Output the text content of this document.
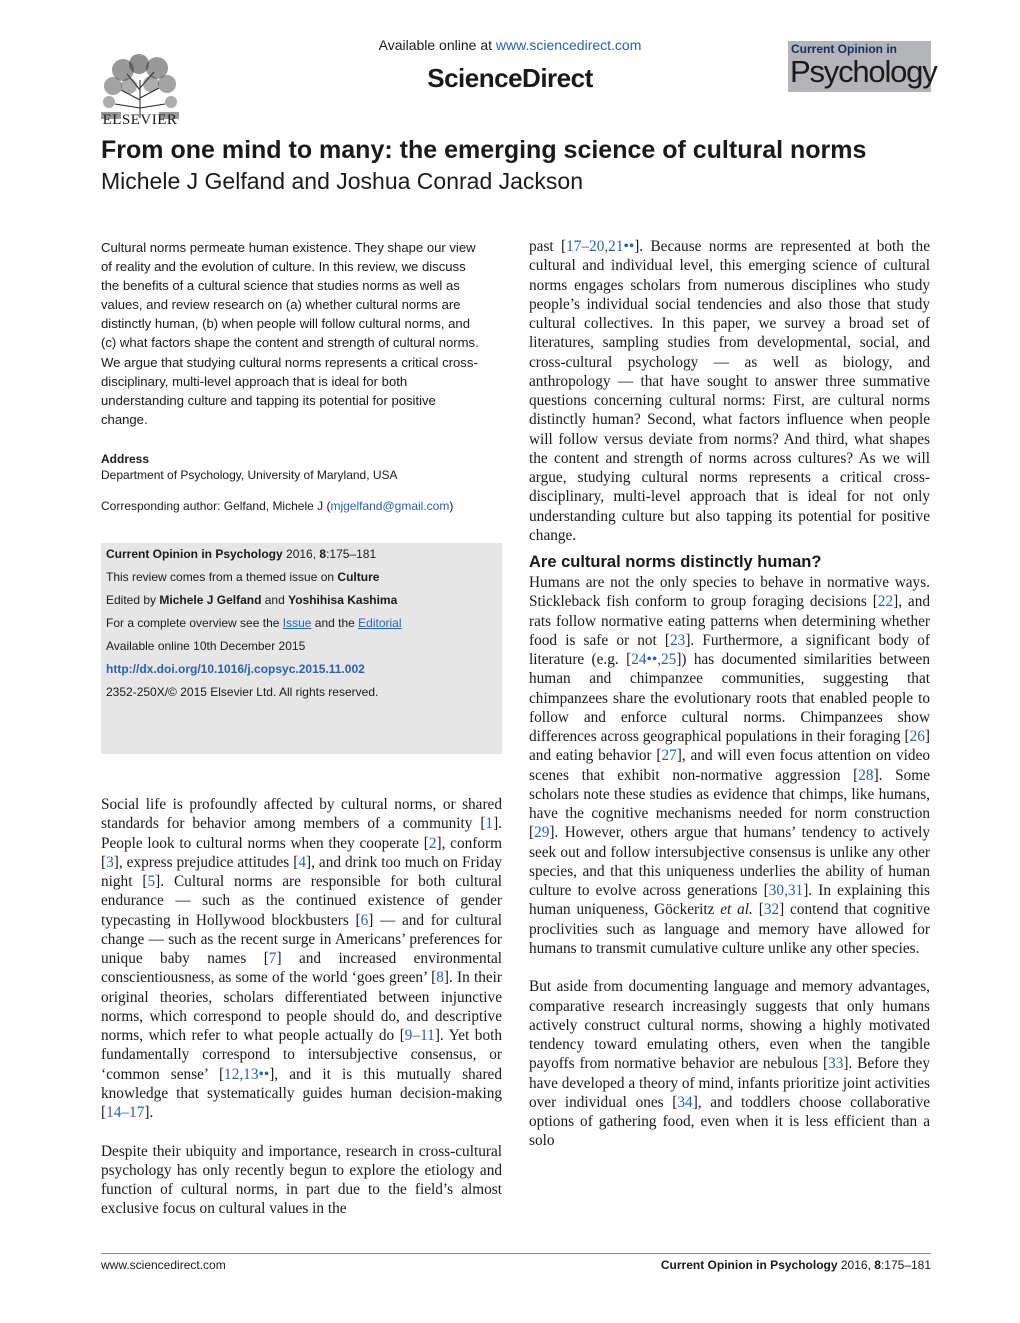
ELSEVIER
Available online at www.sciencedirect.com
ScienceDirect
Current Opinion in
Psychology
From one mind to many: the emerging science of cultural norms
Michele J Gelfand and Joshua Conrad Jackson
Cultural norms permeate human existence. They shape our view of reality and the evolution of culture. In this review, we discuss the benefits of a cultural science that studies norms as well as values, and review research on (a) whether cultural norms are distinctly human, (b) when people will follow cultural norms, and (c) what factors shape the content and strength of cultural norms. We argue that studying cultural norms represents a critical cross-disciplinary, multi-level approach that is ideal for both understanding culture and tapping its potential for positive change.
Address
Department of Psychology, University of Maryland, USA
Corresponding author: Gelfand, Michele J (mjgelfand@gmail.com)
Current Opinion in Psychology 2016, 8:175–181
This review comes from a themed issue on Culture
Edited by Michele J Gelfand and Yoshihisa Kashima
For a complete overview see the Issue and the Editorial
Available online 10th December 2015
http://dx.doi.org/10.1016/j.copsyc.2015.11.002
2352-250X/© 2015 Elsevier Ltd. All rights reserved.

Social life is profoundly affected by cultural norms, or shared standards for behavior among members of a community [1]. People look to cultural norms when they cooperate [2], conform [3], express prejudice attitudes [4], and drink too much on Friday night [5]. Cultural norms are responsible for both cultural endurance — such as the continued existence of gender typecasting in Hollywood blockbusters [6] — and for cultural change — such as the recent surge in Americans’ preferences for unique baby names [7] and increased environmental conscientiousness, as some of the world ‘goes green’ [8]. In their original theories, scholars differentiated between injunctive norms, which correspond to people should do, and descriptive norms, which refer to what people actually do [9–11]. Yet both fundamentally correspond to intersubjective consensus, or ‘common sense’ [12,13••], and it is this mutually shared knowledge that systematically guides human decision-making [14–17].

Despite their ubiquity and importance, research in cross-cultural psychology has only recently begun to explore the etiology and function of cultural norms, in part due to the field’s almost exclusive focus on cultural values in the

past [17–20,21••]. Because norms are represented at both the cultural and individual level, this emerging science of cultural norms engages scholars from numerous disciplines who study people’s individual social tendencies and also those that study cultural collectives. In this paper, we survey a broad set of literatures, sampling studies from developmental, social, and cross-cultural psychology — as well as biology, and anthropology — that have sought to answer three summative questions concerning cultural norms: First, are cultural norms distinctly human? Second, what factors influence when people will follow versus deviate from norms? And third, what shapes the content and strength of norms across cultures? As we will argue, studying cultural norms represents a critical cross-disciplinary, multi-level approach that is ideal for not only understanding culture but also tapping its potential for positive change.

Are cultural norms distinctly human?

Humans are not the only species to behave in normative ways. Stickleback fish conform to group foraging decisions [22], and rats follow normative eating patterns when determining whether food is safe or not [23]. Furthermore, a significant body of literature (e.g. [24••,25]) has documented similarities between human and chimpanzee communities, suggesting that chimpanzees share the evolutionary roots that enabled people to follow and enforce cultural norms. Chimpanzees show differences across geographical populations in their foraging [26] and eating behavior [27], and will even focus attention on video scenes that exhibit non-normative aggression [28]. Some scholars note these studies as evidence that chimps, like humans, have the cognitive mechanisms needed for norm construction [29]. However, others argue that humans’ tendency to actively seek out and follow intersubjective consensus is unlike any other species, and that this uniqueness underlies the ability of human culture to evolve across generations [30,31]. In explaining this human uniqueness, Göckeritz et al. [32] contend that cognitive proclivities such as language and memory have allowed for humans to transmit cumulative culture unlike any other species.

But aside from documenting language and memory advantages, comparative research increasingly suggests that only humans actively construct cultural norms, showing a highly motivated tendency toward emulating others, even when the tangible payoffs from normative behavior are nebulous [33]. Before they have developed a theory of mind, infants prioritize joint activities over individual ones [34], and toddlers choose collaborative options of gathering food, even when it is less efficient than a solo

www.sciencedirect.com	Current Opinion in Psychology 2016, 8:175–181
